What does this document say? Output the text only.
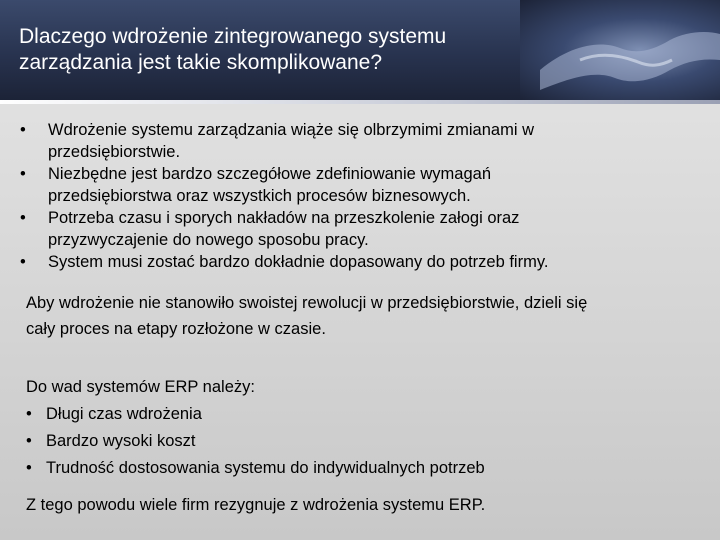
Dlaczego wdrożenie zintegrowanego systemu
zarządzania jest takie skomplikowane?
•	Wdrożenie systemu zarządzania wiąże się olbrzymimi zmianami w
przedsiębiorstwie.
•	Niezbędne jest bardzo szczegółowe zdefiniowanie wymagań
przedsiębiorstwa oraz wszystkich procesów biznesowych.
•	Potrzeba czasu i sporych nakładów na przeszkolenie załogi oraz
przyzwyczajenie do nowego sposobu pracy.
•	System musi zostać bardzo dokładnie dopasowany do potrzeb firmy.
Aby wdrożenie nie stanowiło swoistej rewolucji w przedsiębiorstwie, dzieli się
cały proces na etapy rozłożone w czasie.
Do wad systemów ERP należy:
• Długi czas wdrożenia
• Bardzo wysoki koszt
• Trudność dostosowania systemu do indywidualnych potrzeb
Z tego powodu wiele firm rezygnuje z wdrożenia systemu ERP.
